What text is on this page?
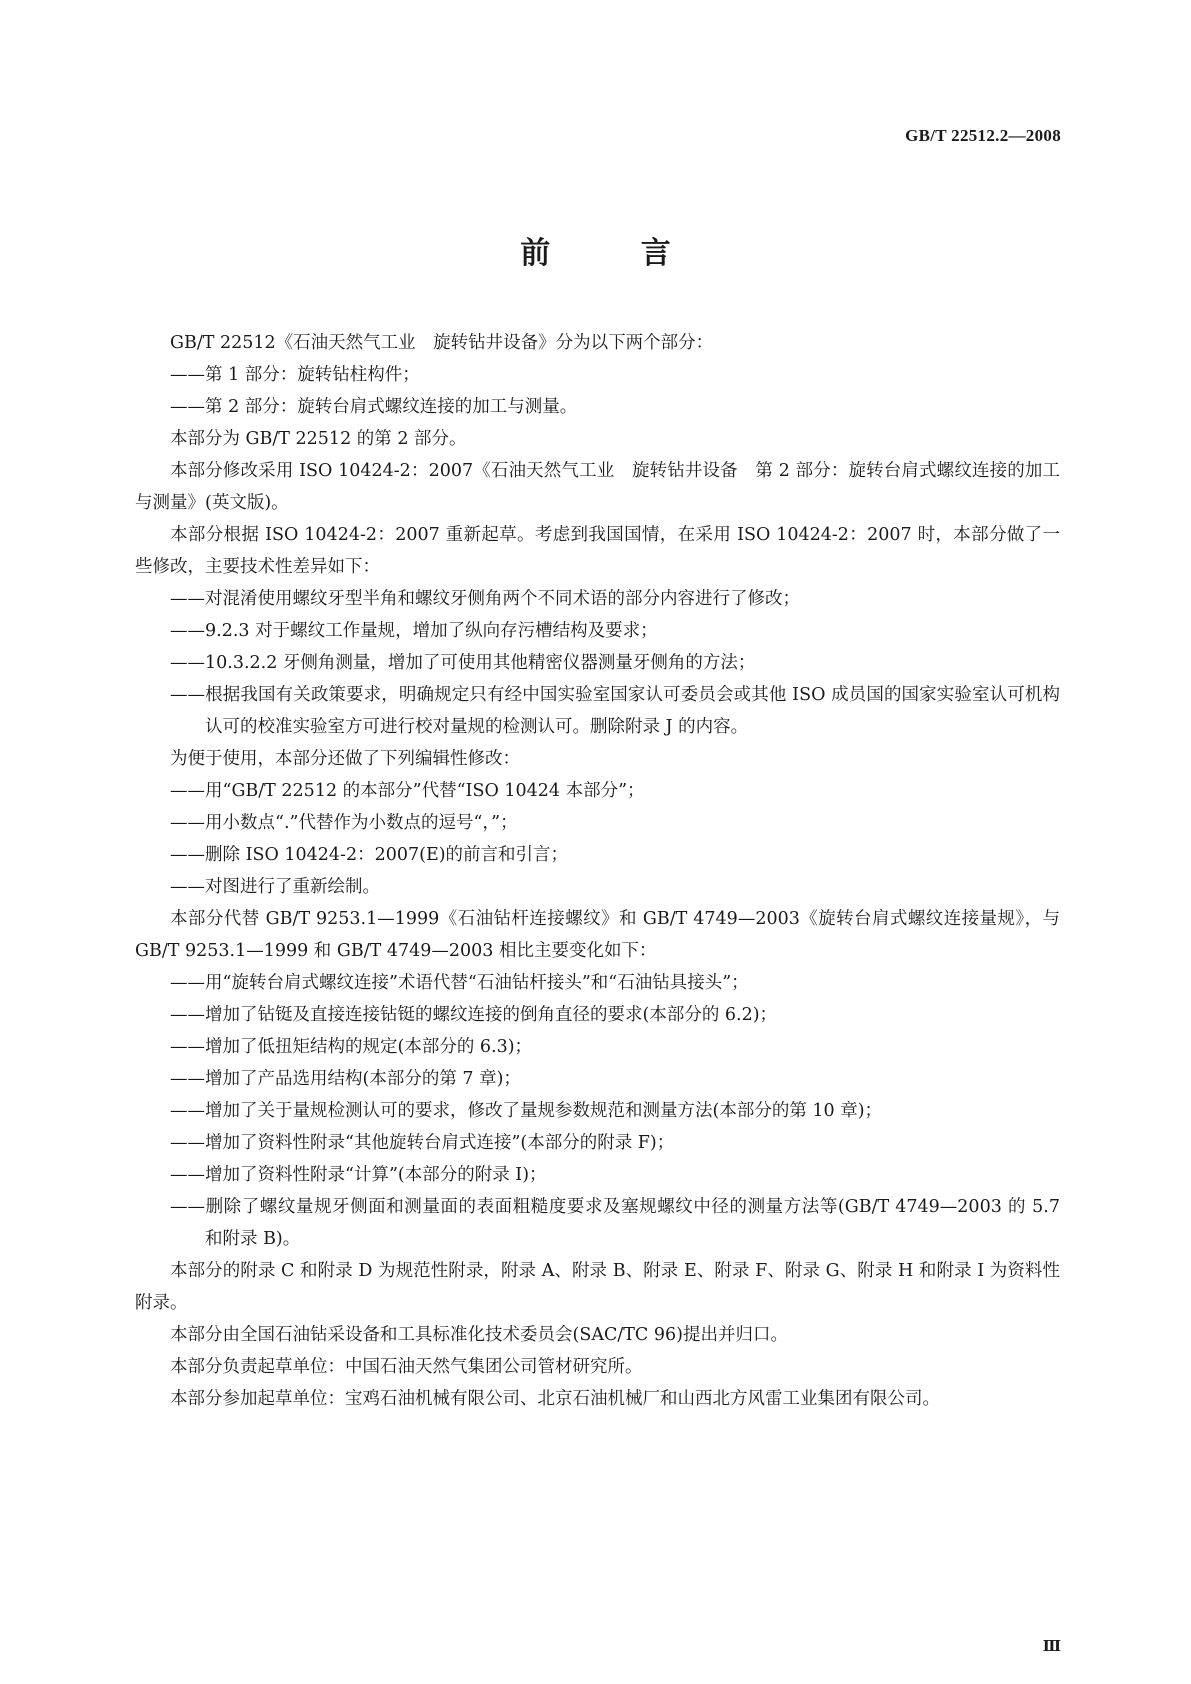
GB/T 22512.2—2008
前 言

GB/T 22512《石油天然气工业　旋转钻井设备》分为以下两个部分：

——第 1 部分：旋转钻柱构件；

——第 2 部分：旋转台肩式螺纹连接的加工与测量。

本部分为 GB/T 22512 的第 2 部分。

本部分修改采用 ISO 10424-2：2007《石油天然气工业　旋转钻井设备　第 2 部分：旋转台肩式螺纹连接的加工与测量》(英文版)。

本部分根据 ISO 10424-2：2007 重新起草。考虑到我国国情，在采用 ISO 10424-2：2007 时，本部分做了一些修改，主要技术性差异如下：

——对混淆使用螺纹牙型半角和螺纹牙侧角两个不同术语的部分内容进行了修改；

——9.2.3 对于螺纹工作量规，增加了纵向存污槽结构及要求；

——10.3.2.2 牙侧角测量，增加了可使用其他精密仪器测量牙侧角的方法；

——根据我国有关政策要求，明确规定只有经中国实验室国家认可委员会或其他 ISO 成员国的国家实验室认可机构认可的校准实验室方可进行校对量规的检测认可。删除附录 J 的内容。

为便于使用，本部分还做了下列编辑性修改：

——用“GB/T 22512 的本部分”代替“ISO 10424 本部分”；

——用小数点“.”代替作为小数点的逗号“，”；

——删除 ISO 10424-2：2007(E)的前言和引言；

——对图进行了重新绘制。

本部分代替 GB/T 9253.1—1999《石油钻杆连接螺纹》和 GB/T 4749—2003《旋转台肩式螺纹连接量规》，与 GB/T 9253.1—1999 和 GB/T 4749—2003 相比主要变化如下：

——用“旋转台肩式螺纹连接”术语代替“石油钻杆接头”和“石油钻具接头”；

——增加了钻铤及直接连接钻铤的螺纹连接的倒角直径的要求(本部分的 6.2)；

——增加了低扭矩结构的规定(本部分的 6.3)；

——增加了产品选用结构(本部分的第 7 章)；

——增加了关于量规检测认可的要求，修改了量规参数规范和测量方法(本部分的第 10 章)；

——增加了资料性附录“其他旋转台肩式连接”(本部分的附录 F)；

——增加了资料性附录“计算”(本部分的附录 I)；

——删除了螺纹量规牙侧面和测量面的表面粗糙度要求及塞规螺纹中径的测量方法等(GB/T 4749—2003 的 5.7 和附录 B)。

本部分的附录 C 和附录 D 为规范性附录，附录 A、附录 B、附录 E、附录 F、附录 G、附录 H 和附录 I 为资料性附录。

本部分由全国石油钻采设备和工具标准化技术委员会(SAC/TC 96)提出并归口。

本部分负责起草单位：中国石油天然气集团公司管材研究所。

本部分参加起草单位：宝鸡石油机械有限公司、北京石油机械厂和山西北方风雷工业集团有限公司。

Ⅲ
